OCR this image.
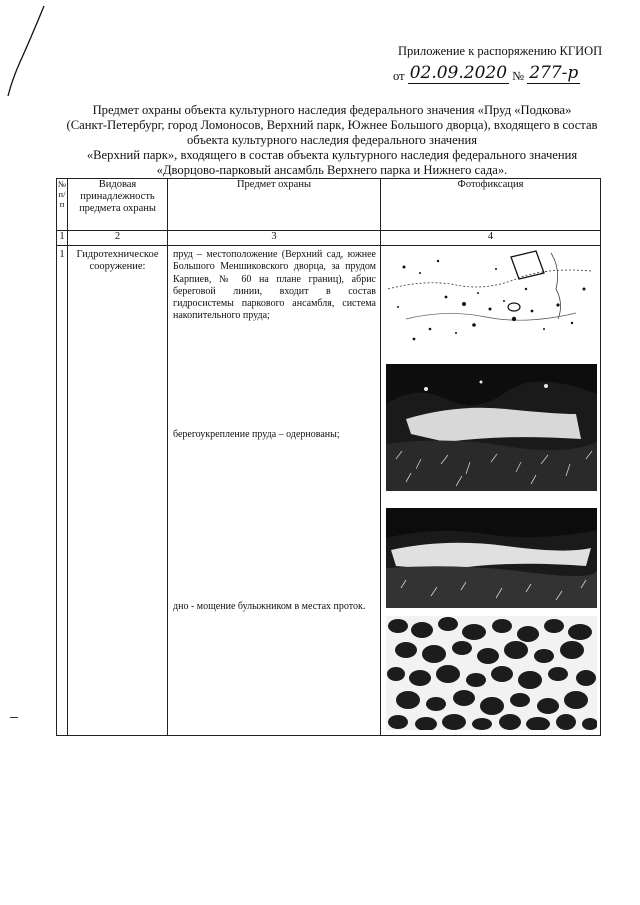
Приложение к распоряжению КГИОП
от 02.09.2020 № 277-р
Предмет охраны объекта культурного наследия федерального значения «Пруд «Подкова»
(Санкт-Петербург, город Ломоносов, Верхний парк, Южнее Большого дворца), входящего в состав
объекта культурного наследия федерального значения
«Верхний парк», входящего в состав объекта культурного наследия федерального значения
«Дворцово-парковый ансамбль Верхнего парка и Нижнего сада».
№ п/п	Видовая принадлежность предмета охраны	Предмет охраны	Фотофиксация
1	2	3	4
1	Гидротехническое сооружение:	пруд – местоположение (Верхний сад, южнее Большого Меншиковского дворца, за прудом Карпиев, № 60 на плане границ), абрис береговой линии, входит в состав гидросистемы паркового ансамбля, система накопительного пруда;

берегоукрепление пруда – одернованы;

дно - мощение булыжником в местах проток.
